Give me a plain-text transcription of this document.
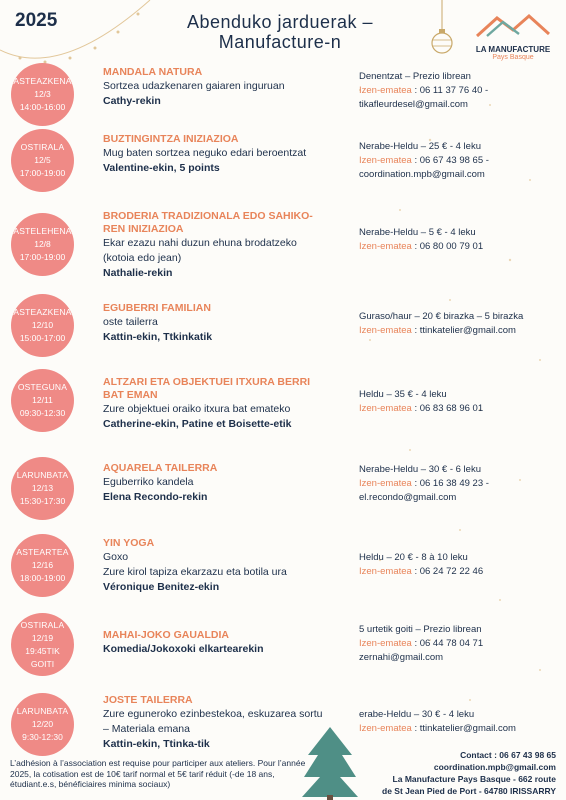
2025	Abenduko jarduerak –
Manufacture-n	LA MANUFACTURE
Pays Basque
ASTEAZKENA
12/3
14:00-16:00
MANDALA NATURA
Sortzea udazkenaren gaiaren inguruan
Cathy-rekin
Denentzat – Prezio librean
Izen-ematea : 06 11 37 76 40 -
tikafleurdesel@gmail.com
OSTIRALA
12/5
17:00-19:00
BUZTINGINTZA INIZIAZIOA
Mug baten sortzea neguko edari beroentzat
Valentine-ekin, 5 points
Nerabe-Heldu – 25 € - 4 leku
Izen-ematea : 06 67 43 98 65 -
coordination.mpb@gmail.com
ASTELEHENA
12/8
17:00-19:00
BRODERIA TRADIZIONALA EDO SAHIKO-REN INIZIAZIOA
Ekar ezazu nahi duzun ehuna brodatzeko (kotoia edo jean)
Nathalie-rekin
Nerabe-Heldu – 5 € - 4 leku
Izen-ematea : 06 80 00 79 01
ASTEAZKENA
12/10
15:00-17:00
EGUBERRI FAMILIAN
oste tailerra
Kattin-ekin, Ttkinkatik
Guraso/haur – 20 € birazka – 5 birazka
Izen-ematea : ttinkatelier@gmail.com
OSTEGUNA
12/11
09:30-12:30
ALTZARI ETA OBJEKTUEI ITXURA BERRI BAT EMAN
Zure objektuei oraiko itxura bat emateko
Catherine-ekin, Patine et Boisette-etik
Heldu – 35 € - 4 leku
Izen-ematea : 06 83 68 96 01
LARUNBATA
12/13
15:30-17:30
AQUARELA TAILERRA
Eguberriko kandela
Elena Recondo-rekin
Nerabe-Heldu – 30 € - 6 leku
Izen-ematea : 06 16 38 49 23 -
el.recondo@gmail.com
ASTEARTEA
12/16
18:00-19:00
YIN YOGA
Goxo
Zure kirol tapiza ekarzazu eta botila ura
Véronique Benitez-ekin
Heldu – 20 € - 8 à 10 leku
Izen-ematea : 06 24 72 22 46
OSTIRALA
12/19
19:45TIK
GOITI
MAHAI-JOKO GAUALDIA
Komedia/Jokoxoki elkartearekin
5 urtetik goiti – Prezio librean
Izen-ematea : 06 44 78 04 71
zernahi@gmail.com
LARUNBATA
12/20
9:30-12:30
JOSTE TAILERRA
Zure eguneroko ezinbestekoa, eskuzarea sortu – Materiala emana
Kattin-ekin, Ttinka-tik
erabe-Heldu – 30 € - 4 leku
Izen-ematea : ttinkatelier@gmail.com
L’adhésion à l’association est requise pour participer aux ateliers. Pour l’année 2025, la cotisation est de 10€ tarif normal et 5€ tarif réduit (-de 18 ans, étudiant.e.s, bénéficiaires minima sociaux)
Contact : 06 67 43 98 65
coordination.mpb@gmail.com
La Manufacture Pays Basque - 662 route
de St Jean Pied de Port - 64780 IRISSARRY
